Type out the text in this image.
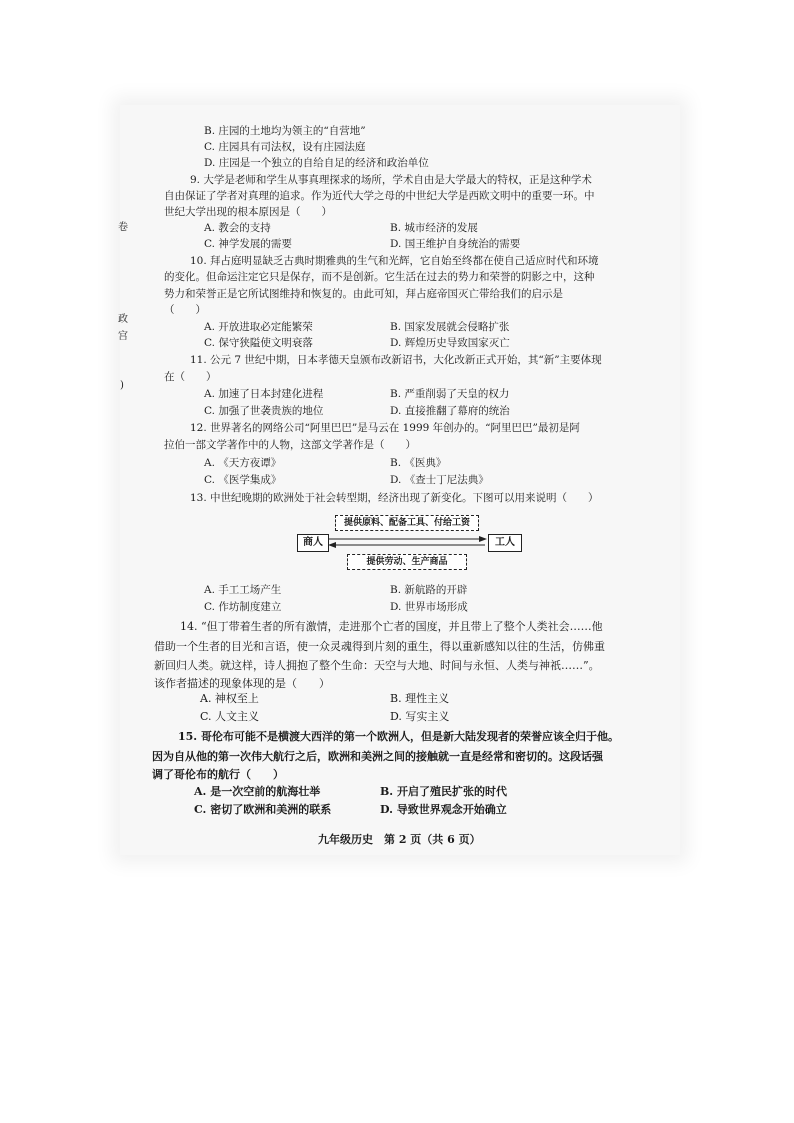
卷
政
宫
)
B. 庄园的土地均为领主的“自营地”
C. 庄园具有司法权，设有庄园法庭
D. 庄园是一个独立的自给自足的经济和政治单位
9. 大学是老师和学生从事真理探求的场所，学术自由是大学最大的特权，正是这种学术
自由保证了学者对真理的追求。作为近代大学之母的中世纪大学是西欧文明中的重要一环。中
世纪大学出现的根本原因是（　　）
A. 教会的支持	B. 城市经济的发展
C. 神学发展的需要	D. 国王维护自身统治的需要
10. 拜占庭明显缺乏古典时期雅典的生气和光辉，它自始至终都在使自己适应时代和环境
的变化。但命运注定它只是保存，而不是创新。它生活在过去的势力和荣誉的阴影之中，这种
势力和荣誉正是它所试图维持和恢复的。由此可知，拜占庭帝国灭亡带给我们的启示是
（　　）
A. 开放进取必定能繁荣	B. 国家发展就会侵略扩张
C. 保守狭隘使文明衰落	D. 辉煌历史导致国家灭亡
11. 公元 7 世纪中期，日本孝德天皇颁布改新诏书，大化改新正式开始，其“新”主要体现
在（　　）
A. 加速了日本封建化进程	B. 严重削弱了天皇的权力
C. 加强了世袭贵族的地位	D. 直接推翻了幕府的统治
12. 世界著名的网络公司“阿里巴巴”是马云在 1999 年创办的。“阿里巴巴”最初是阿
拉伯一部文学著作中的人物，这部文学著作是（　　）
A. 《天方夜谭》	B. 《医典》
C. 《医学集成》	D. 《查士丁尼法典》
13. 中世纪晚期的欧洲处于社会转型期，经济出现了新变化。下图可以用来说明（　　）
提供原料、配备工具、付给工资
提供劳动、生产商品
商人	工人
A. 手工工场产生	B. 新航路的开辟
C. 作坊制度建立	D. 世界市场形成
14. “但丁带着生者的所有激情，走进那个亡者的国度，并且带上了整个人类社会……他
借助一个生者的目光和言语，使一众灵魂得到片刻的重生，得以重新感知以往的生活，仿佛重
新回归人类。就这样，诗人拥抱了整个生命：天空与大地、时间与永恒、人类与神祇……”。
该作者描述的现象体现的是（　　）
A. 神权至上	B. 理性主义
C. 人文主义	D. 写实主义
15. 哥伦布可能不是横渡大西洋的第一个欧洲人，但是新大陆发现者的荣誉应该全归于他。
因为自从他的第一次伟大航行之后，欧洲和美洲之间的接触就一直是经常和密切的。这段话强
调了哥伦布的航行（　　）
A. 是一次空前的航海壮举	B. 开启了殖民扩张的时代
C. 密切了欧洲和美洲的联系	D. 导致世界观念开始确立
九年级历史　第 2 页（共 6 页）
